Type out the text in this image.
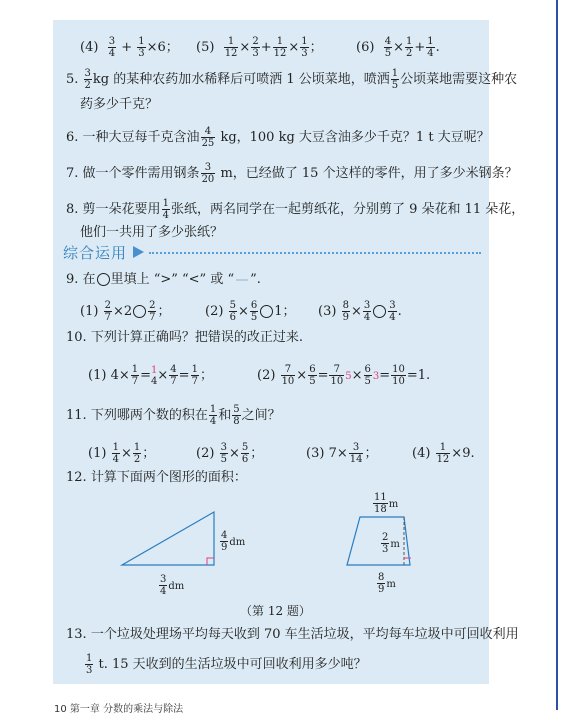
$(4) \frac{3}{4} + \frac{1}{3} \times 6$； $(5) \frac{1}{12} \times \frac{2}{3} + \frac{1}{12} \times \frac{1}{3}$ ；	$(6) \frac{4}{5} \times \frac{1}{2} + \frac{1}{4}$ .
5. $\frac{3}{2}$ kg 的某种农药加水稀释后可喷洒 1 公顷菜地，喷洒 $\frac{1}{5}$ 公顷菜地需要这种农
药多少千克？
6. 一种大豆每千克含油 $\frac{4}{25}$ kg，100 kg 大豆含油多少千克？1 t 大豆呢？
7. 做一个零件需用钢条 $\frac{3}{20}$ m，已经做了 15 个这样的零件，用了多少米钢条？
8. 剪一朵花要用 $\frac{1}{4}$ 张纸，两名同学在一起剪纸花，分别剪了 9 朵花和 11 朵花，
他们一共用了多少张纸？
综合运用
9. 在 里填上 “>” “<” 或 “ ”.
$(1) \frac{2}{7} \times 2 \frac{2}{7}$ ；	$(2) \frac{5}{6} \times \frac{6}{5} 1$； $(3) \frac{8}{9} \times \frac{3}{4} \frac{3}{4}$ .
10. 下列计算正确吗？把错误的改正过来.
(1) $4\times \frac{1}{7} = 1$
$4 \times \frac{4}{7} = \frac{1}{7}$ ；	$(2) \frac{7}{10} \times \frac{6}{5} = \frac{7}{10} 5\times \frac{6}{5} 3= \frac{10}{10} =1$.
11. 下列哪两个数的积在 $\frac{1}{4}$ 和 $\frac{5}{8}$ 之间？
$(1) \frac{1}{4} \times \frac{1}{2}$ ；	$(2) \frac{3}{5} \times \frac{5}{6}$ ；	(3) $7\times \frac{3}{14}$ ；	$(4) \frac{1}{12} \times 9$.
12. 计算下面两个图形的面积：
$\frac{4}{9}$ dm
$\frac{3}{4}$ dm
$\frac{11}{18}$ m
$\frac{2}{3}$ m
$\frac{8}{9}$ m
（第 12 题）
13. 一个垃圾处理场平均每天收到 70 车生活垃圾，平均每车垃圾中可回收利用
$\frac{1}{3} t$. 15 天收到的生活垃圾中可回收利用多少吨？
10 第一章 分数的乘法与除法
